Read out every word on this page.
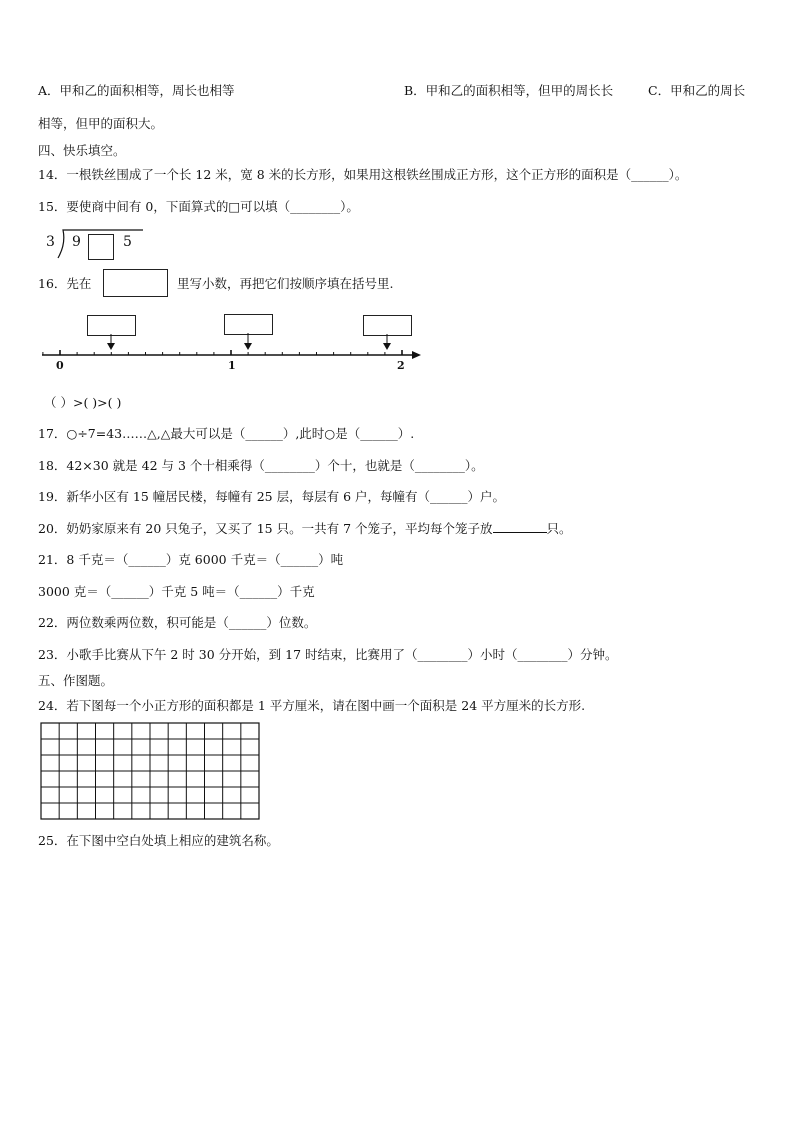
A．甲和乙的面积相等，周长也相等	B．甲和乙的面积相等，但甲的周长长	C．甲和乙的周长
相等，但甲的面积大。
四、快乐填空。
14．一根铁丝围成了一个长 12 米，宽 8 米的长方形，如果用这根铁丝围成正方形，这个正方形的面积是（______）。
15．要使商中间有 0，下面算式的□可以填（________）。
3 9	5
16．先在	里写小数，再把它们按顺序填在括号里.
0	1	2
（ ）>( )>( )
17．○÷7=43……△,△最大可以是（______）,此时○是（______）.
18．42×30 就是 42 与 3 个十相乘得（________）个十，也就是（________）。
19．新华小区有 15 幢居民楼，每幢有 25 层，每层有 6 户，每幢有（______）户。
20．奶奶家原来有 20 只兔子，又买了 15 只。一共有 7 个笼子，平均每个笼子放	只。
21．8 千克＝（______）克 6000 千克＝（______）吨
3000 克＝（______）千克 5 吨＝（______）千克
22．两位数乘两位数，积可能是（______）位数。
23．小歌手比赛从下午 2 时 30 分开始，到 17 时结束，比赛用了（________）小时（________）分钟。
五、作图题。
24．若下图每一个小正方形的面积都是 1 平方厘米，请在图中画一个面积是 24 平方厘米的长方形.
25．在下图中空白处填上相应的建筑名称。
